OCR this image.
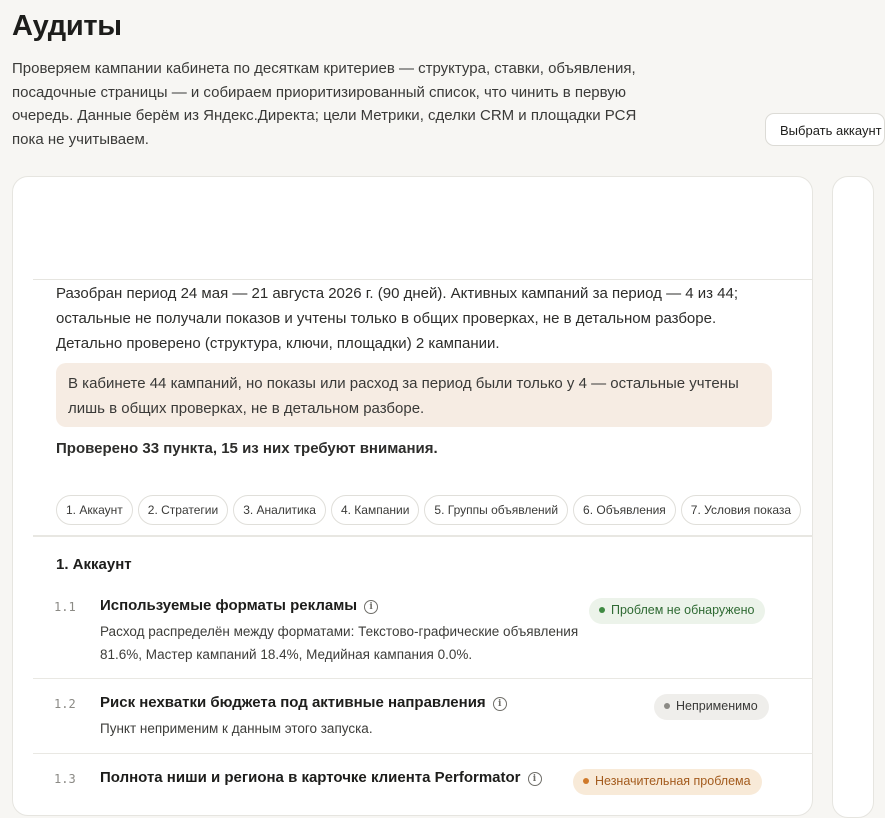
Аудиты

Проверяем кампании кабинета по десяткам критериев — структура, ставки, объявления, посадочные страницы — и собираем приоритизированный список, что чинить в первую очередь. Данные берём из Яндекс.Директа; цели Метрики, сделки CRM и площадки РСЯ пока не учитываем.	Выбрать аккаунт

Разобран период 24 мая — 21 августа 2026 г. (90 дней). Активных кампаний за период — 4 из 44; остальные не получали показов и учтены только в общих проверках, не в детальном разборе. Детально проверено (структура, ключи, площадки) 2 кампании.

В кабинете 44 кампаний, но показы или расход за период были только у 4 — остальные учтены лишь в общих проверках, не в детальном разборе.

Проверено 33 пункта, 15 из них требуют внимания.

1. Аккаунт 2. Стратегии 3. Аналитика 4. Кампании 5. Группы объявлений 6. Объявления 7. Условия показа
1. Аккаунт
1.1 Используемые форматы рекламы i
Расход распределён между форматами: Текстово-графические объявления 81.6%, Мастер кампаний 18.4%, Медийная кампания 0.0%.
Проблем не обнаружено
1.2 Риск нехватки бюджета под активные направления i
Пункт неприменим к данным этого запуска.
Неприменимо
1.3 Полнота ниши и региона в карточке клиента Performator i	Незначительная проблема
